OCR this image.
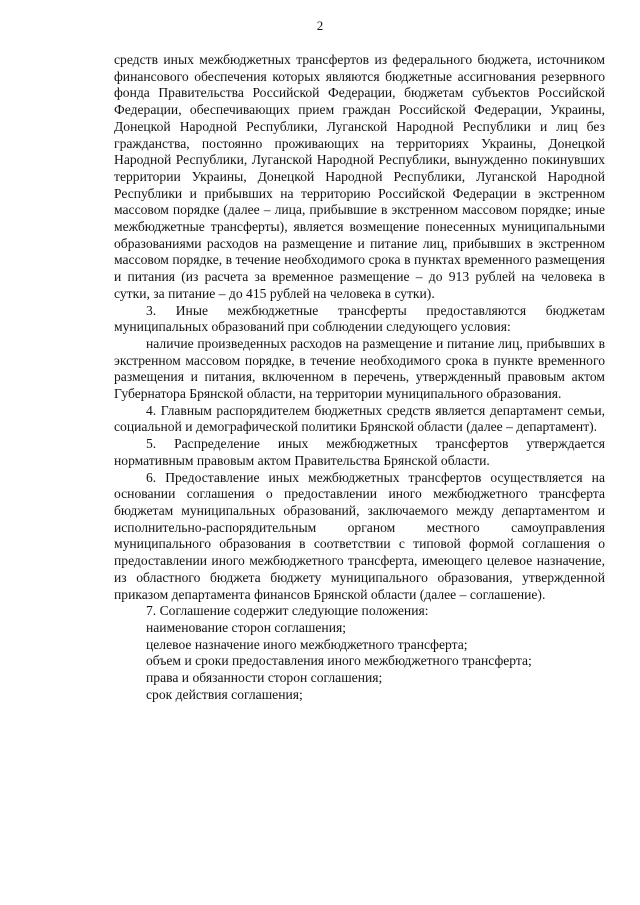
2

средств иных межбюджетных трансфертов из федерального бюджета, источником финансового обеспечения которых являются бюджетные ассигнования резервного фонда Правительства Российской Федерации, бюджетам субъектов Российской Федерации, обеспечивающих прием граждан Российской Федерации, Украины, Донецкой Народной Республики, Луганской Народной Республики и лиц без гражданства, постоянно проживающих на территориях Украины, Донецкой Народной Республики, Луганской Народной Республики, вынужденно покинувших территории Украины, Донецкой Народной Республики, Луганской Народной Республики и прибывших на территорию Российской Федерации в экстренном массовом порядке (далее – лица, прибывшие в экстренном массовом порядке; иные межбюджетные трансферты), является возмещение понесенных муниципальными образованиями расходов на размещение и питание лиц, прибывших в экстренном массовом порядке, в течение необходимого срока в пунктах временного размещения и питания (из расчета за временное размещение – до 913 рублей на человека в сутки, за питание – до 415 рублей на человека в сутки).

3. Иные межбюджетные трансферты предоставляются бюджетам муниципальных образований при соблюдении следующего условия:

наличие произведенных расходов на размещение и питание лиц, прибывших в экстренном массовом порядке, в течение необходимого срока в пункте временного размещения и питания, включенном в перечень, утвержденный правовым актом Губернатора Брянской области, на территории муниципального образования.

4. Главным распорядителем бюджетных средств является департамент семьи, социальной и демографической политики Брянской области (далее – департамент).

5. Распределение иных межбюджетных трансфертов утверждается нормативным правовым актом Правительства Брянской области.

6. Предоставление иных межбюджетных трансфертов осуществляется на основании соглашения о предоставлении иного межбюджетного трансферта бюджетам муниципальных образований, заключаемого между департаментом и исполнительно-распорядительным органом местного самоуправления муниципального образования в соответствии с типовой формой соглашения о предоставлении иного межбюджетного трансферта, имеющего целевое назначение, из областного бюджета бюджету муниципального образования, утвержденной приказом департамента финансов Брянской области (далее – соглашение).

7. Соглашение содержит следующие положения:

наименование сторон соглашения;

целевое назначение иного межбюджетного трансферта;

объем и сроки предоставления иного межбюджетного трансферта;

права и обязанности сторон соглашения;

срок действия соглашения;
